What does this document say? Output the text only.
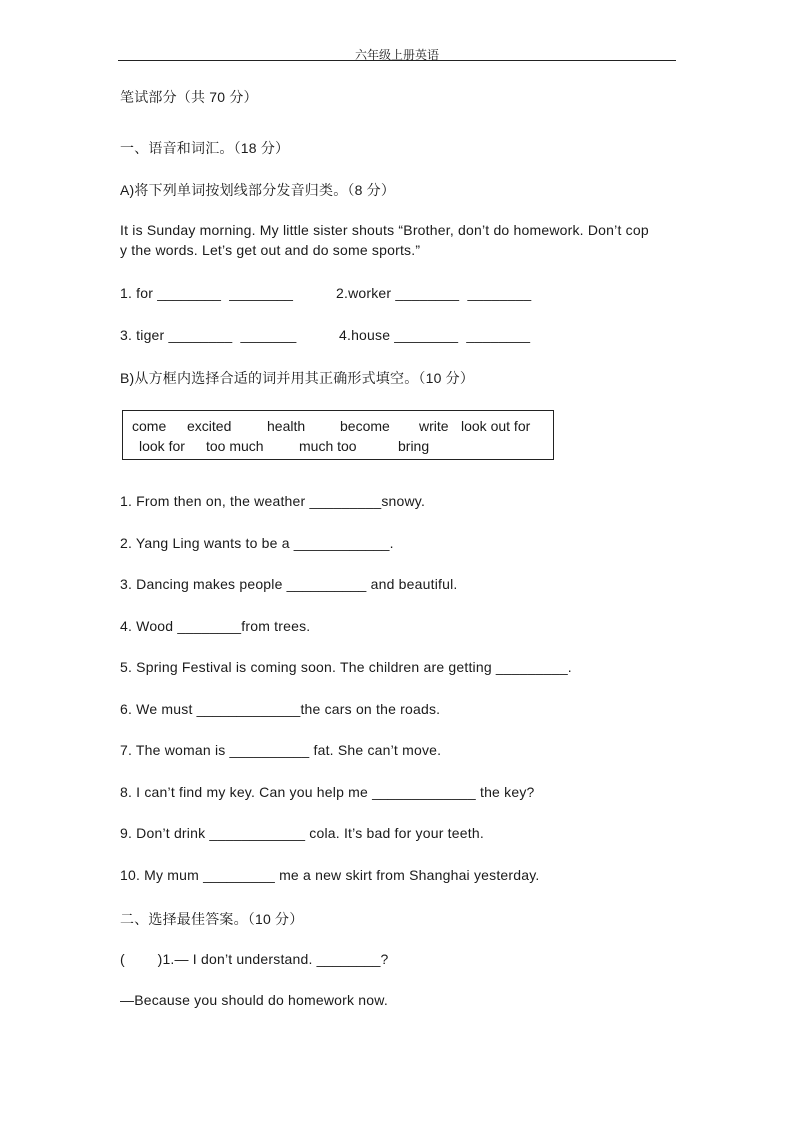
六年级上册英语
笔试部分（共 70 分）
一、语音和词汇。（18 分）
A)将下列单词按划线部分发音归类。（8 分）
It is Sunday morning. My little sister shouts “Brother, don’t do homework. Don’t cop
y the words. Let’s get out and do some sports.”
1. for ________  ________	2.worker ________  ________
3. tiger ________  _______	4.house ________  ________
B)从方框内选择合适的词并用其正确形式填空。（10 分）
come excited	health become write look out for
look for too much	much too	bring
1. From then on, the weather _________snowy.
2. Yang Ling wants to be a ____________.
3. Dancing makes people __________ and beautiful.
4. Wood ________from trees.
5. Spring Festival is coming soon. The children are getting _________.
6. We must _____________the cars on the roads.
7. The woman is __________ fat. She can’t move.
8. I can’t find my key. Can you help me _____________ the key?
9. Don’t drink ____________ cola. It’s bad for your teeth.
10. My mum _________ me a new skirt from Shanghai yesterday.
二、选择最佳答案。（10 分）
(        )1.— I don’t understand. ________?
—Because you should do homework now.
